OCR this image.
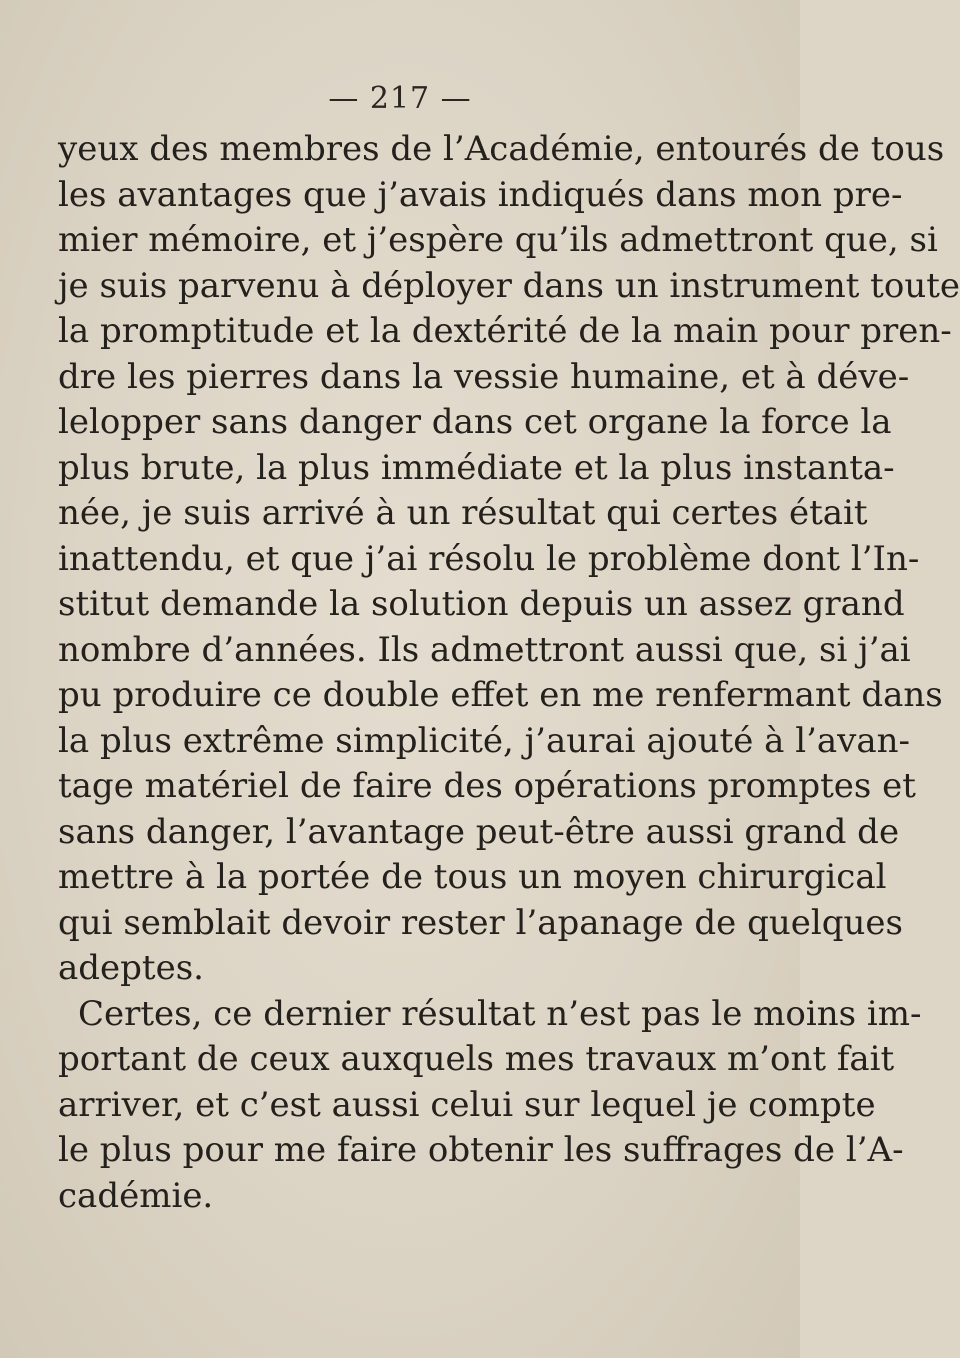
— 217 —
yeux des membres de l’Académie, entourés de tous
les avantages que j’avais indiqués dans mon pre-
mier mémoire, et j’espère qu’ils admettront que, si
je suis parvenu à déployer dans un instrument toute
la promptitude et la dextérité de la main pour pren-
dre les pierres dans la vessie humaine, et à déve-
lelopper sans danger dans cet organe la force la
plus brute, la plus immédiate et la plus instanta-
née, je suis arrivé à un résultat qui certes était
inattendu, et que j’ai résolu le problème dont l’In-
stitut demande la solution depuis un assez grand
nombre d’années. Ils admettront aussi que, si j’ai
pu produire ce double effet en me renfermant dans
la plus extrême simplicité, j’aurai ajouté à l’avan-
tage matériel de faire des opérations promptes et
sans danger, l’avantage peut-être aussi grand de
mettre à la portée de tous un moyen chirurgical
qui semblait devoir rester l’apanage de quelques
adeptes.
Certes, ce dernier résultat n’est pas le moins im-
portant de ceux auxquels mes travaux m’ont fait
arriver, et c’est aussi celui sur lequel je compte
le plus pour me faire obtenir les suffrages de l’A-
cadémie.
